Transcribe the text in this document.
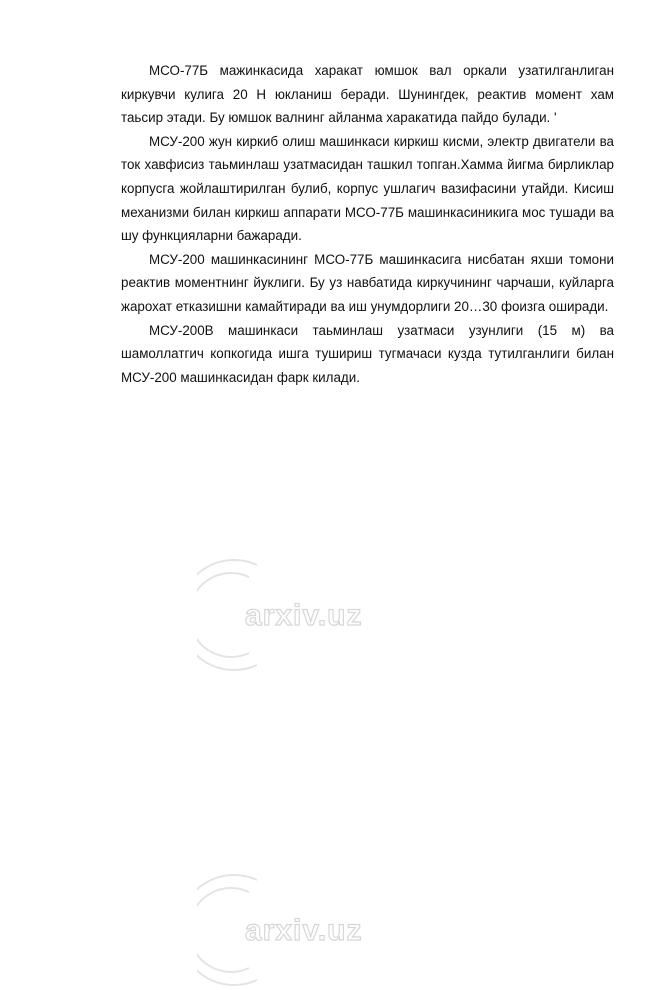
МСО-77Б мажинкасида харакат юмшок вал оркали узатилганлиган киркувчи кулига 20 Н юкланиш беради. Шунингдек, реактив момент хам таьсир этади. Бу юмшок валнинг айланма харакатида пайдо булади. '

МСУ-200 жун киркиб олиш машинкаси киркиш кисми, электр двигатели ва ток хавфисиз таьминлаш узатмасидан ташкил топган.Хамма йигма бирликлар корпусга жойлаштирилган булиб, корпус ушлагич вазифасини утайди. Кисиш механизми билан киркиш аппарати МСО-77Б машинкасиникига мос тушади ва шу функцияларни бажаради.

МСУ-200 машинкасининг МСО-77Б машинкасига нисбатан яхши томони реактив моментнинг йуклиги. Бу уз навбатида киркучининг чарчаши, куйларга жарохат етказишни камайтиради ва иш унумдорлиги 20…30 фоизга оширади.

МСУ-200В машинкаси таьминлаш узатмаси узунлиги (15 м) ва шамоллатгич копкогида ишга тушириш тугмачаси кузда тутилганлиги билан МСУ-200 машинкасидан фарк килади.

arxiv.uz
arxiv.uz
